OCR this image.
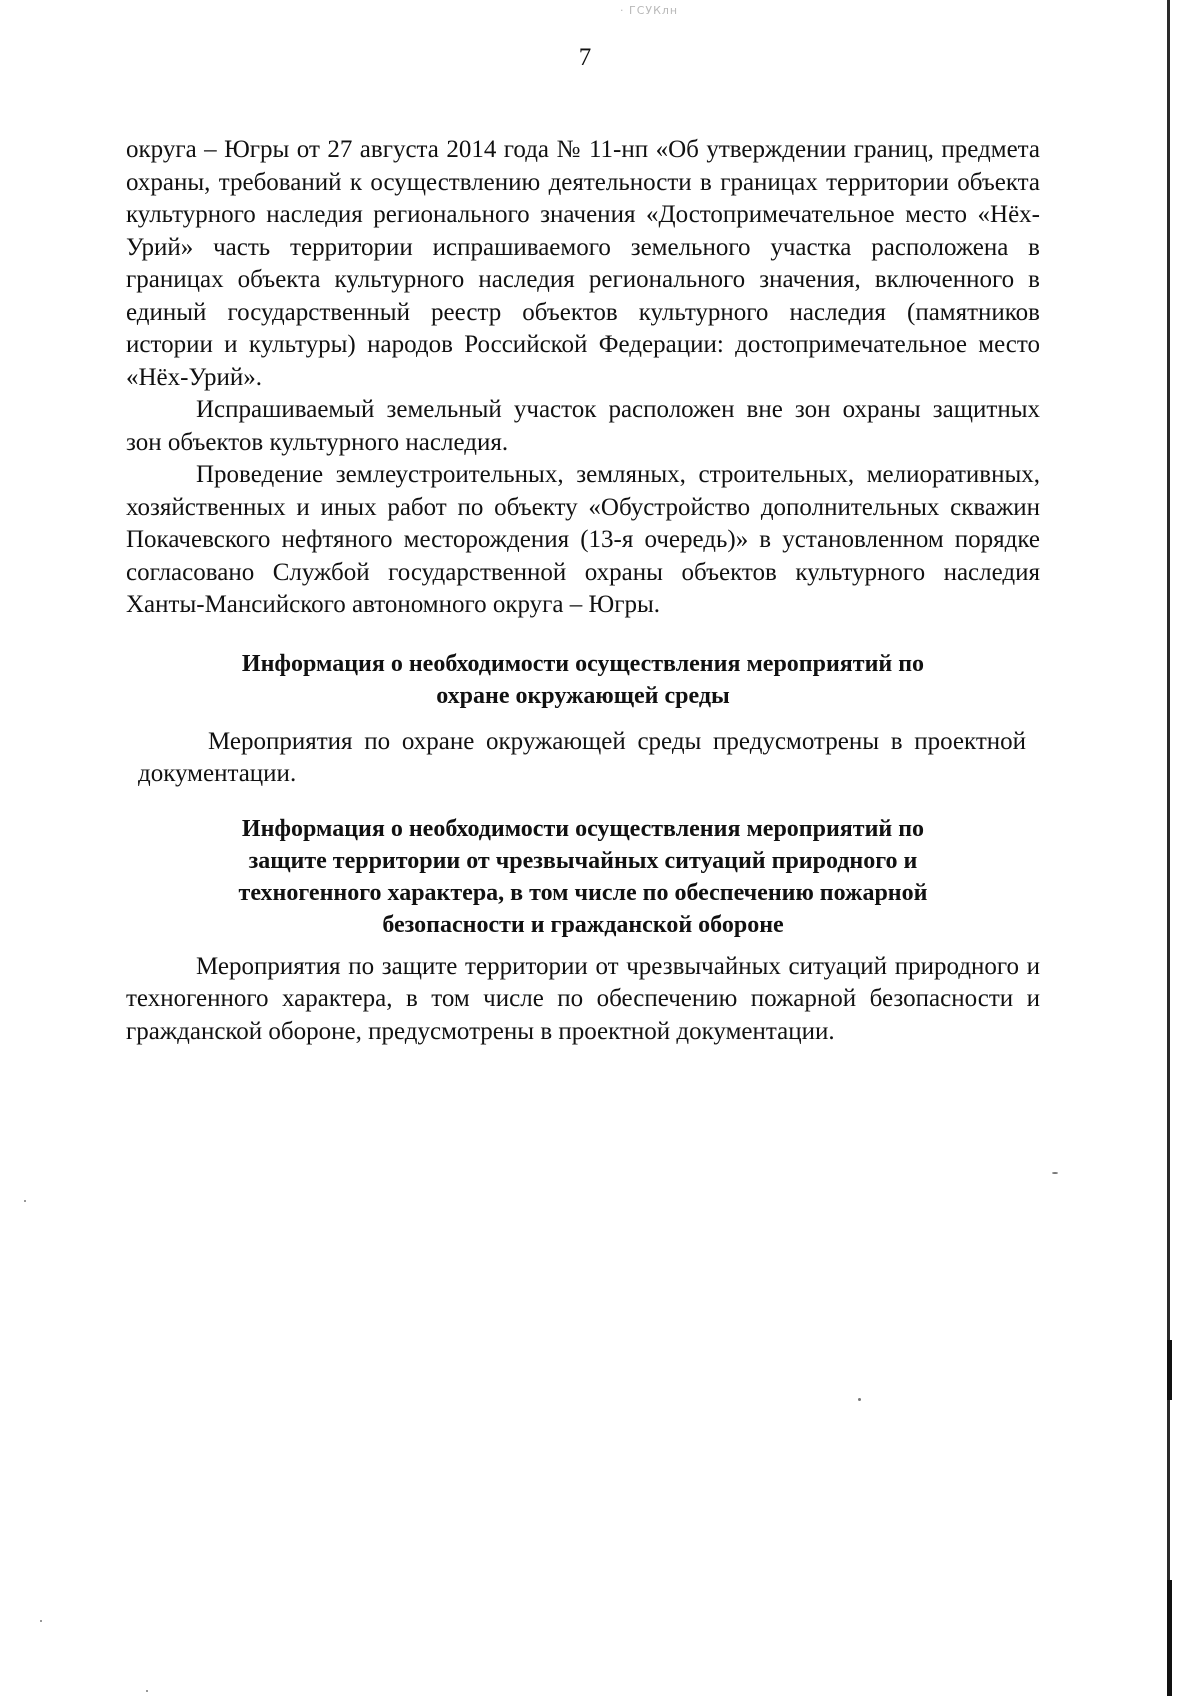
· ГСУКлн
7

округа – Югры от 27 августа 2014 года № 11-нп «Об утверждении границ, предмета охраны, требований к осуществлению деятельности в границах территории объекта культурного наследия регионального значения «Достопримечательное место «Нёх-Урий» часть территории испрашиваемого земельного участка расположена в границах объекта культурного наследия регионального значения, включенного в единый государственный реестр объектов культурного наследия (памятников истории и культуры) народов Российской Федерации: достопримечательное место «Нёх-Урий».

Испрашиваемый земельный участок расположен вне зон охраны защитных зон объектов культурного наследия.

Проведение землеустроительных, земляных, строительных, мелиоративных, хозяйственных и иных работ по объекту «Обустройство дополнительных скважин Покачевского нефтяного месторождения (13-я очередь)» в установленном порядке согласовано Службой государственной охраны объектов культурного наследия Ханты-Мансийского автономного округа – Югры.

Информация о необходимости осуществления мероприятий по
охране окружающей среды

Мероприятия по охране окружающей среды предусмотрены в проектной документации.

Информация о необходимости осуществления мероприятий по
защите территории от чрезвычайных ситуаций природного и
техногенного характера, в том числе по обеспечению пожарной
безопасности и гражданской обороне

Мероприятия по защите территории от чрезвычайных ситуаций природного и техногенного характера, в том числе по обеспечению пожарной безопасности и гражданской обороне, предусмотрены в проектной документации.
